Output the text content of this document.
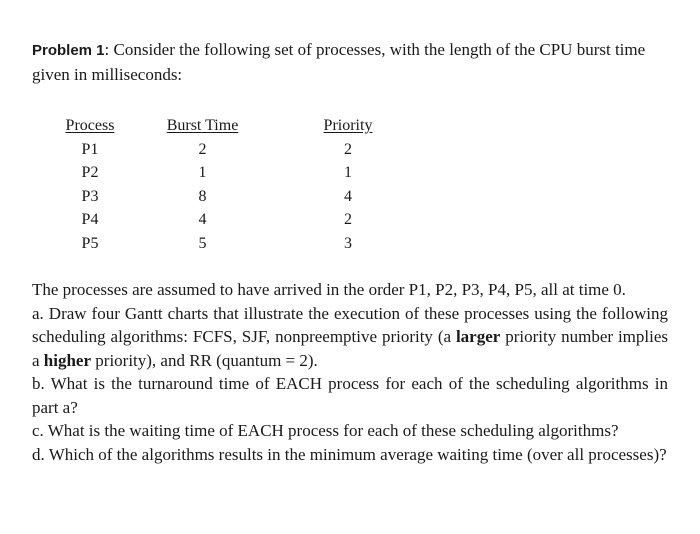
Problem 1: Consider the following set of processes, with the length of the CPU burst time given in milliseconds:
Process	Burst Time	Priority
P1	2	2
P2	1	1
P3	8	4
P4	4	2
P5	5	3

The processes are assumed to have arrived in the order P1, P2, P3, P4, P5, all at time 0.

a. Draw four Gantt charts that illustrate the execution of these processes using the following scheduling algorithms: FCFS, SJF, nonpreemptive priority (a larger priority number implies a higher priority), and RR (quantum = 2).

b. What is the turnaround time of EACH process for each of the scheduling algorithms in part a?

c. What is the waiting time of EACH process for each of these scheduling algorithms?

d. Which of the algorithms results in the minimum average waiting time (over all processes)?
